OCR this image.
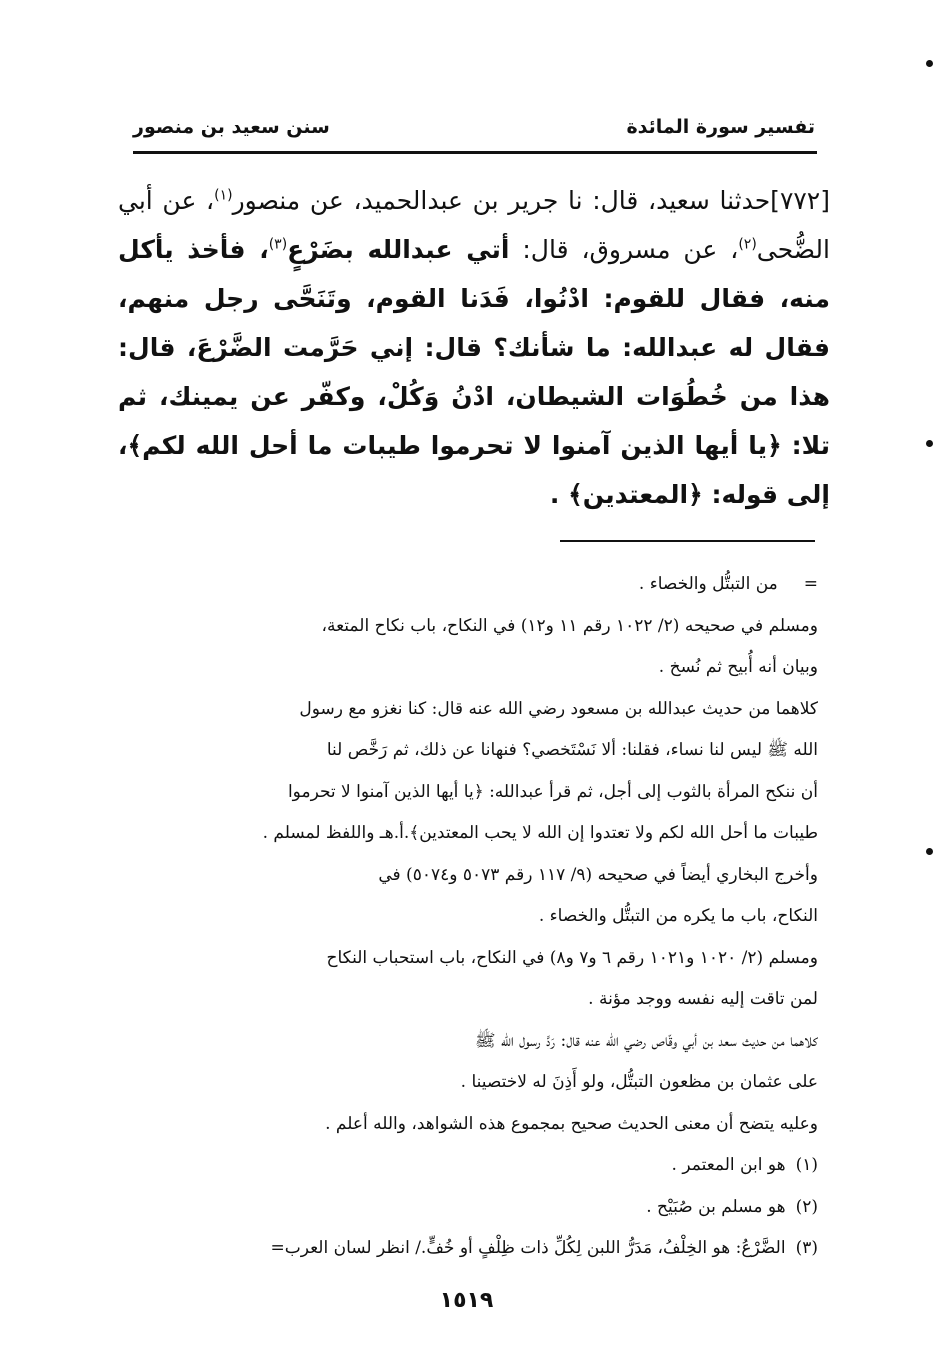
تفسير سورة المائدة
سنن سعيد بن منصور
[٧٧٢]حدثنا سعيد، قال: نا جرير بن عبدالحميد، عن منصور$^{(١)}$، عن أبي الضُّحى$^{(٢)}$، عن مسروق، قال: أتي عبدالله بضَرْعٍ$^{(٣)}$، فأخذ يأكل منه، فقال للقوم: ادْنُوا، فَدَنا القوم، وتَنَحَّى رجل منهم، فقال له عبدالله: ما شأنك؟ قال: إني حَرَّمت الضَّرْعَ، قال: هذا من خُطُوَات الشيطان، ادْنُ وَكُلْ، وكفّر عن يمينك، ثم تلا: ﴿يا أيها الذين آمنوا لا تحرموا طيبات ما أحل الله لكم﴾، إلى قوله: ﴿المعتدين﴾ .
=من التبتُّل والخصاء .
ومسلم في صحيحه (٢/ ١٠٢٢ رقم ١١ و١٢) في النكاح، باب نكاح المتعة،
وبيان أنه أُبيح ثم نُسخ .
كلاهما من حديث عبدالله بن مسعود رضي الله عنه قال: كنا نغزو مع رسول
الله ﷺ ليس لنا نساء، فقلنا: ألا نَسْتَخصي؟ فنهانا عن ذلك، ثم رَخَّص لنا
أن ننكح المرأة بالثوب إلى أجل، ثم قرأ عبدالله: ﴿يا أيها الذين آمنوا لا تحرموا
طيبات ما أحل الله لكم ولا تعتدوا إن الله لا يحب المعتدين﴾.أ.هـ واللفظ لمسلم .
وأخرج البخاري أيضاً في صحيحه (٩/ ١١٧ رقم ٥٠٧٣ و٥٠٧٤) في
النكاح، باب ما يكره من التبتُّل والخصاء .
ومسلم (٢/ ١٠٢٠ و١٠٢١ رقم ٦ و٧ و٨) في النكاح، باب استحباب النكاح
لمن تاقت إليه نفسه ووجد مؤنة .
كلاهما من حديث سعد بن أبي وقّاص رضي الله عنه قال: رَدَّ رسول الله ﷺ
على عثمان بن مظعون التبتُّل، ولو أَذِنَ له لاختصينا .
وعليه يتضح أن معنى الحديث صحيح بمجموع هذه الشواهد، والله أعلم .
(١)هو ابن المعتمر .
(٢)هو مسلم بن صُبَيْح .
(٣)الضَّرْعُ: هو الخِلْفُ، مَدَرُّ اللبن لِكُلِّ ذات ظِلْفٍ أو خُفٍّ./ انظر لسان العرب=
١٥١٩
